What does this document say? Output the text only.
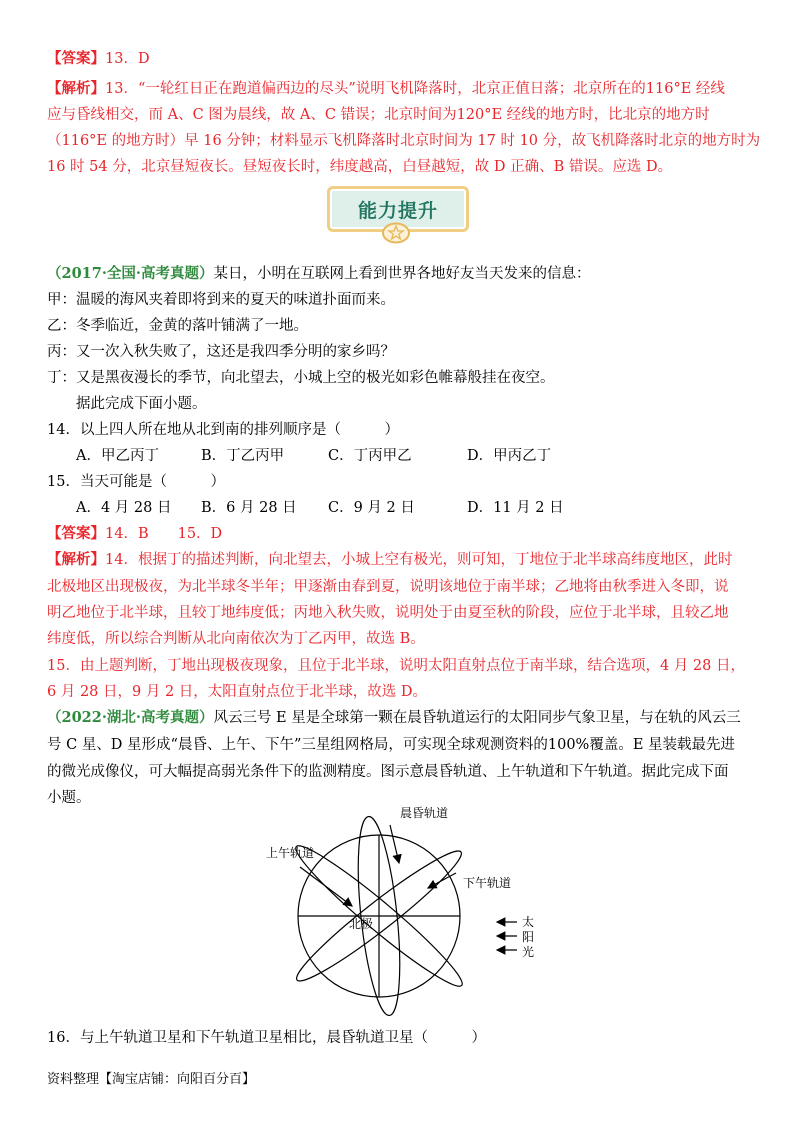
【答案】13．D
【解析】13．“一轮红日正在跑道偏西边的尽头”说明飞机降落时，北京正值日落；北京所在的116°E 经线
应与昏线相交，而 A、C 图为晨线，故 A、C 错误；北京时间为120°E 经线的地方时，比北京的地方时
（116°E 的地方时）早 16 分钟；材料显示飞机降落时北京时间为 17 时 10 分，故飞机降落时北京的地方时为
16 时 54 分，北京昼短夜长。昼短夜长时，纬度越高，白昼越短，故 D 正确、B 错误。应选 D。
能力提升
（2017·全国·高考真题）某日，小明在互联网上看到世界各地好友当天发来的信息：
甲：温暖的海风夹着即将到来的夏天的味道扑面而来。
乙：冬季临近，金黄的落叶铺满了一地。
丙：又一次入秋失败了，这还是我四季分明的家乡吗？
丁：又是黑夜漫长的季节，向北望去，小城上空的极光如彩色帷幕般挂在夜空。
据此完成下面小题。
14．以上四人所在地从北到南的排列顺序是（　　　）
A．甲乙丙丁	B．丁乙丙甲	C．丁丙甲乙	D．甲丙乙丁
15．当天可能是（　　　）
A．4 月 28 日 B．6 月 28 日 C．9 月 2 日	D．11 月 2 日
【答案】14．B　　15．D
【解析】14．根据丁的描述判断，向北望去，小城上空有极光，则可知，丁地位于北半球高纬度地区，此时
北极地区出现极夜，为北半球冬半年；甲逐渐由春到夏，说明该地位于南半球；乙地将由秋季进入冬即，说
明乙地位于北半球，且较丁地纬度低；丙地入秋失败，说明处于由夏至秋的阶段，应位于北半球，且较乙地
纬度低，所以综合判断从北向南依次为丁乙丙甲，故选 B。
15．由上题判断，丁地出现极夜现象，且位于北半球，说明太阳直射点位于南半球，结合选项，4 月 28 日，
6 月 28 日，9 月 2 日，太阳直射点位于北半球，故选 D。
（2022·湖北·高考真题）风云三号 E 星是全球第一颗在晨昏轨道运行的太阳同步气象卫星，与在轨的风云三
号 C 星、D 星形成“晨昏、上午、下午”三星组网格局，可实现全球观测资料的100%覆盖。E 星装载最先进
的微光成像仪，可大幅提高弱光条件下的监测精度。图示意晨昏轨道、上午轨道和下午轨道。据此完成下面
小题。
上午轨道
晨昏轨道
下午轨道
北极	太
阳
光
16．与上午轨道卫星和下午轨道卫星相比，晨昏轨道卫星（　　　）
资料整理【淘宝店铺：向阳百分百】
